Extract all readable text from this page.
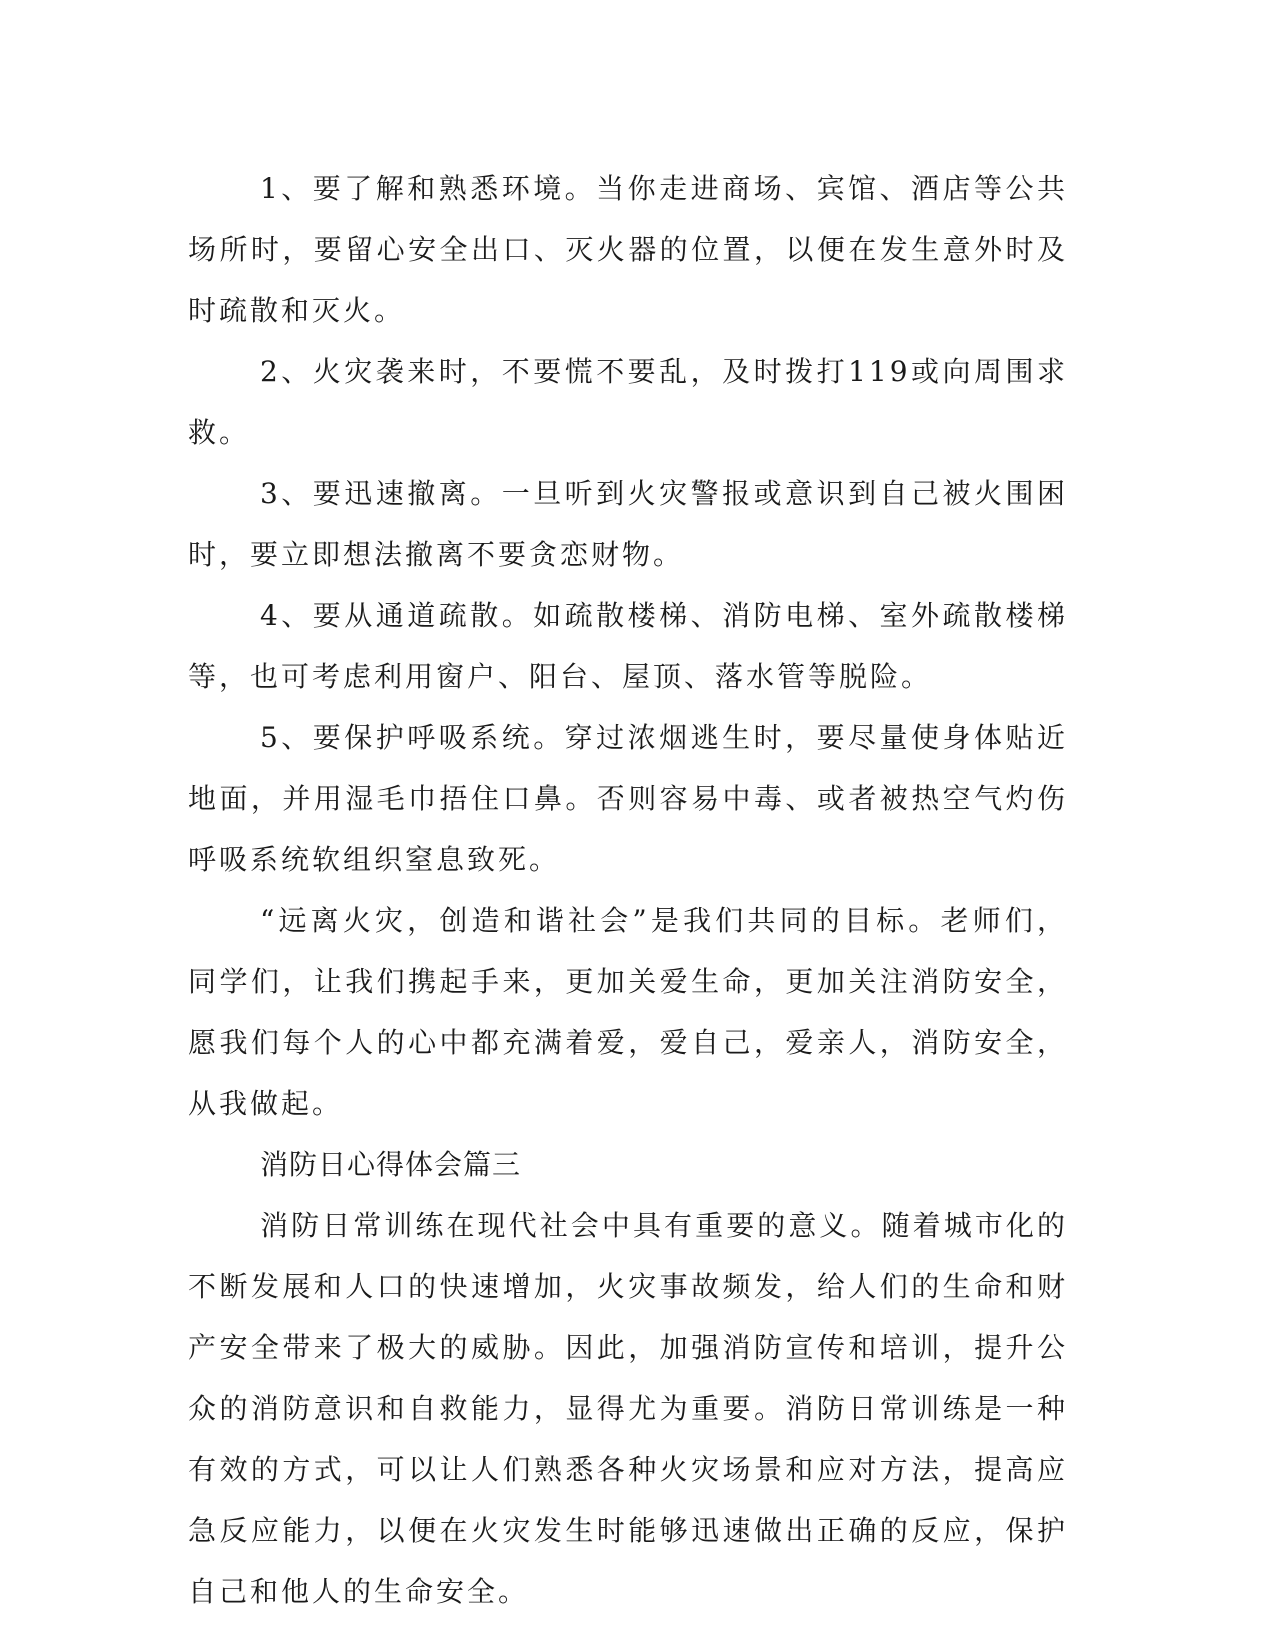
1、要了解和熟悉环境。当你走进商场、宾馆、酒店等公共场所时，要留心安全出口、灭火器的位置，以便在发生意外时及时疏散和灭火。

2、火灾袭来时，不要慌不要乱，及时拨打119或向周围求救。

3、要迅速撤离。一旦听到火灾警报或意识到自己被火围困时，要立即想法撤离不要贪恋财物。

4、要从通道疏散。如疏散楼梯、消防电梯、室外疏散楼梯等，也可考虑利用窗户、阳台、屋顶、落水管等脱险。

5、要保护呼吸系统。穿过浓烟逃生时，要尽量使身体贴近地面，并用湿毛巾捂住口鼻。否则容易中毒、或者被热空气灼伤呼吸系统软组织窒息致死。

“远离火灾，创造和谐社会”是我们共同的目标。老师们，同学们，让我们携起手来，更加关爱生命，更加关注消防安全，愿我们每个人的心中都充满着爱，爱自己，爱亲人，消防安全，从我做起。

消防日心得体会篇三

消防日常训练在现代社会中具有重要的意义。随着城市化的不断发展和人口的快速增加，火灾事故频发，给人们的生命和财产安全带来了极大的威胁。因此，加强消防宣传和培训，提升公众的消防意识和自救能力，显得尤为重要。消防日常训练是一种有效的方式，可以让人们熟悉各种火灾场景和应对方法，提高应急反应能力，以便在火灾发生时能够迅速做出正确的反应，保护自己和他人的生命安全。
